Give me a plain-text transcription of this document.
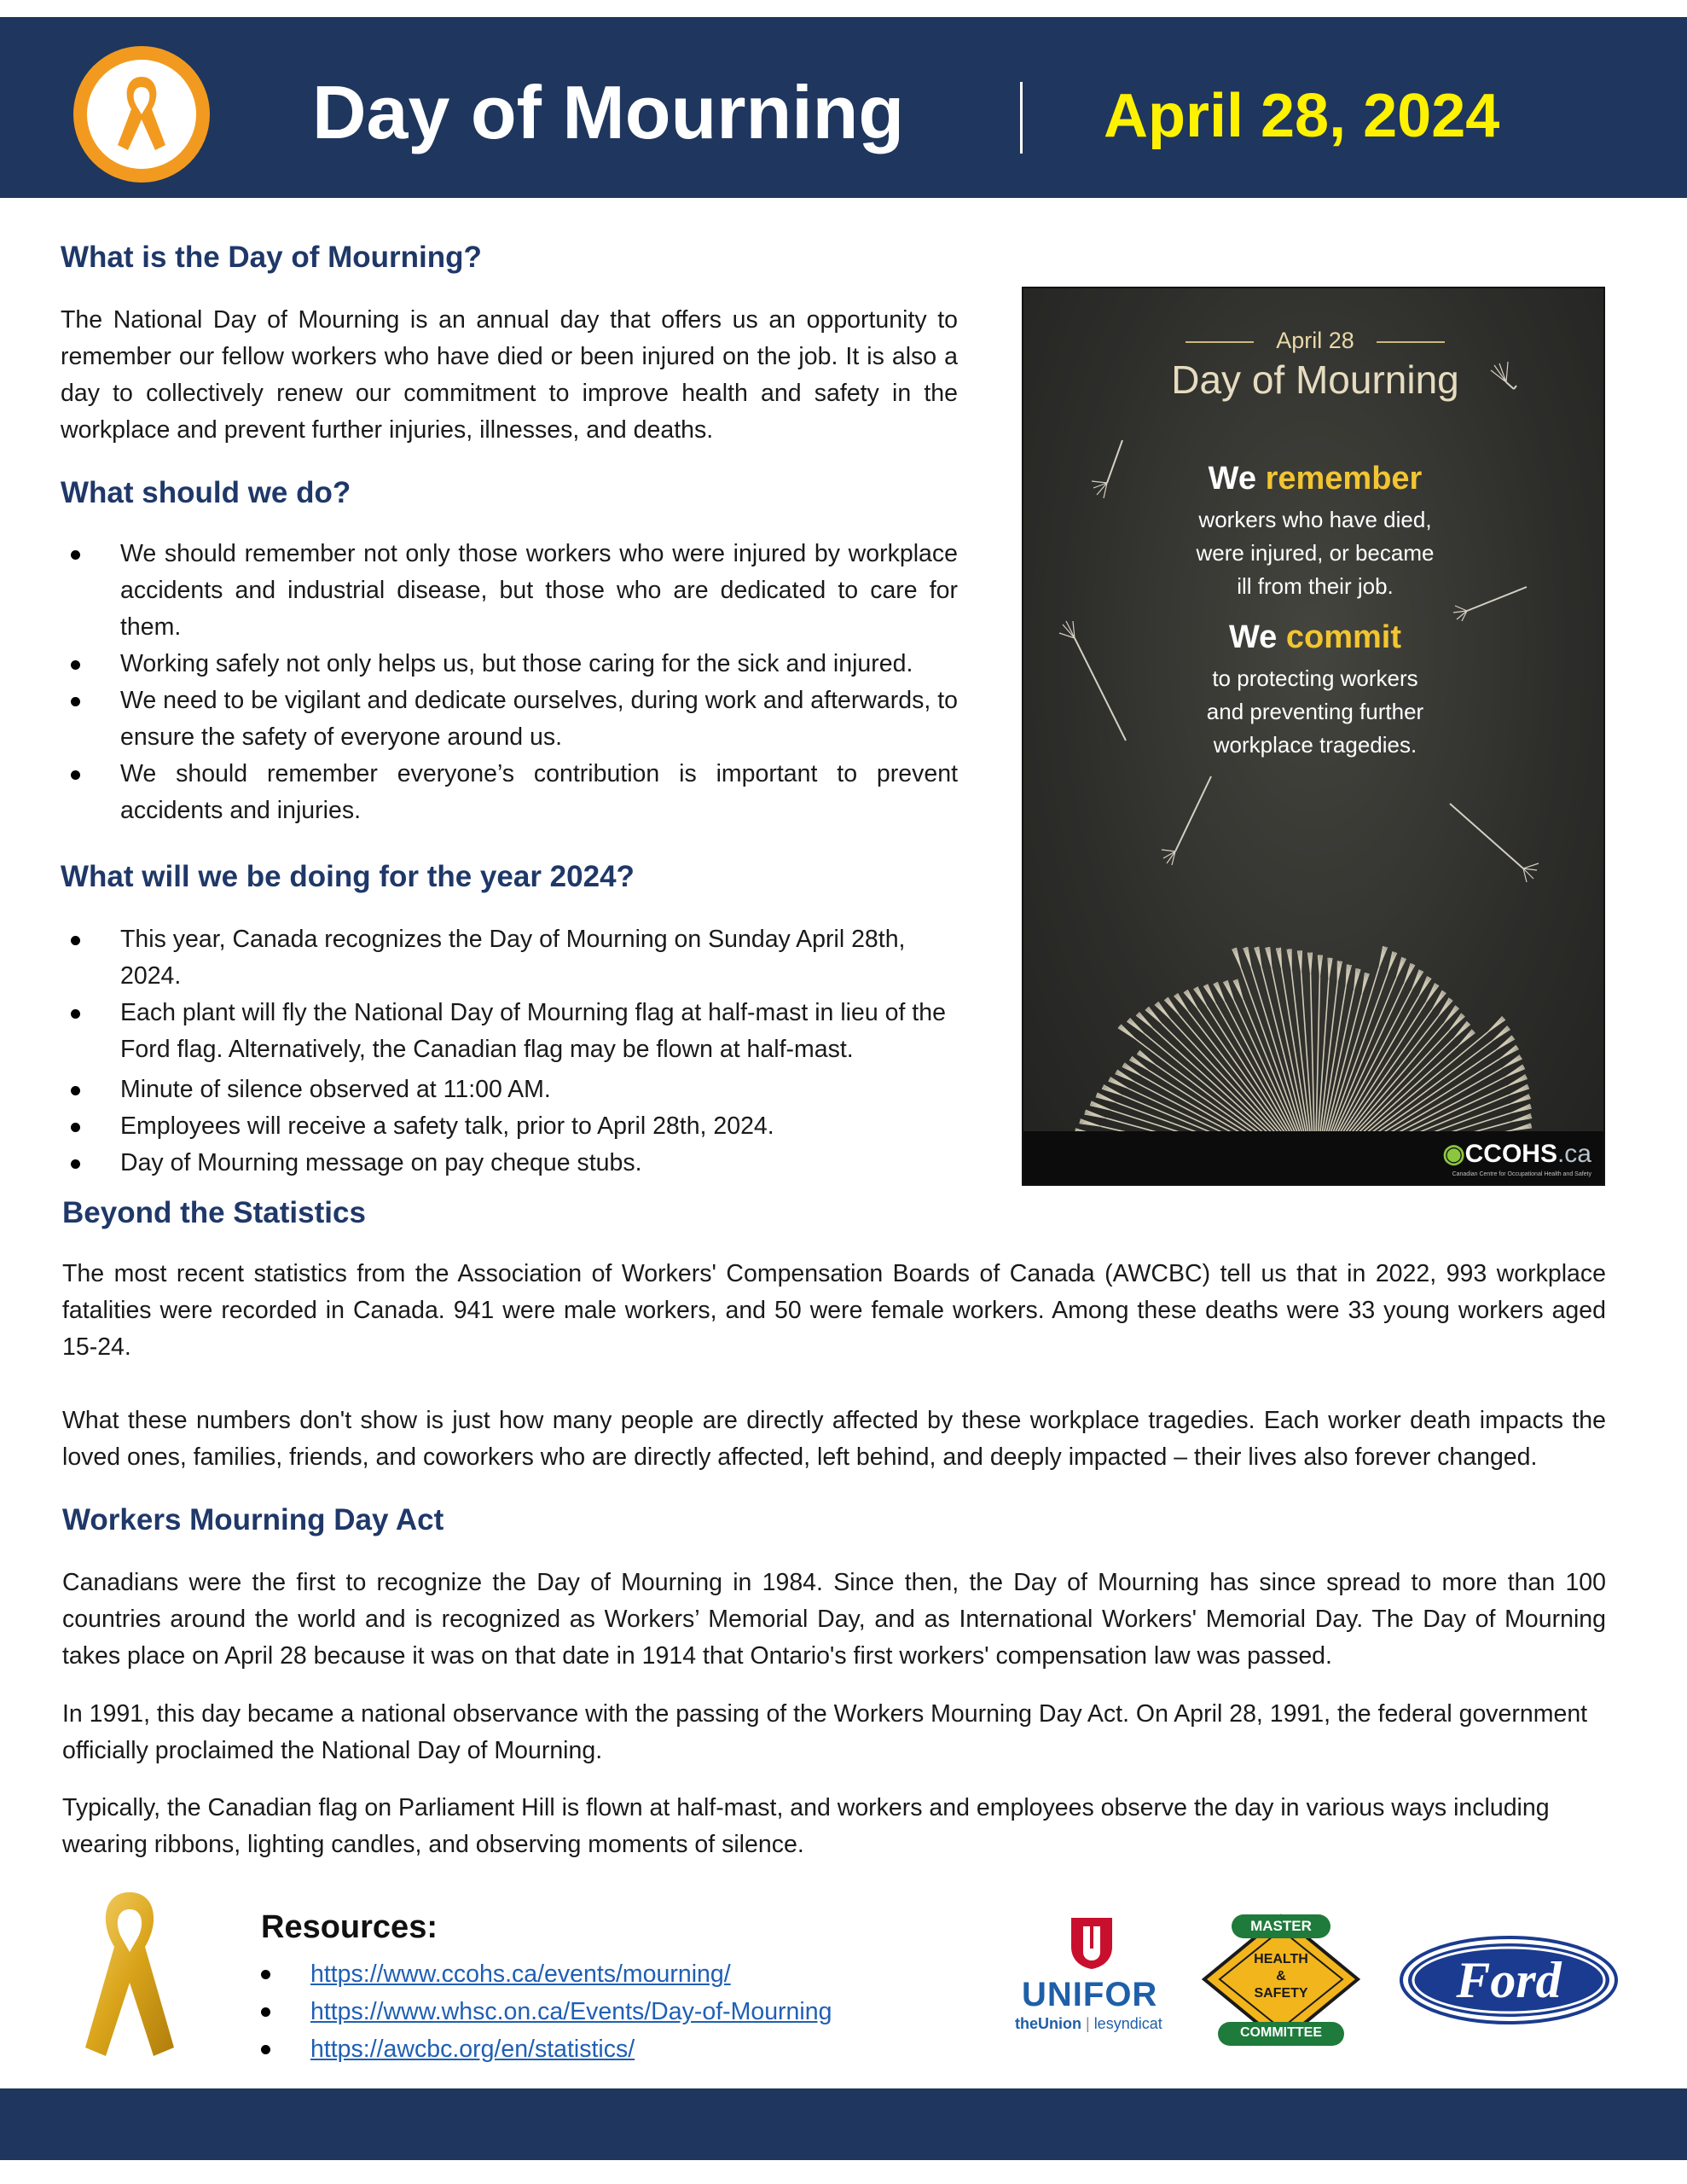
Day of Mourning	April 28, 2024
What is the Day of Mourning?
The National Day of Mourning is an annual day that offers us an opportunity to remember our fellow workers who have died or been injured on the job. It is also a day to collectively renew our commitment to improve health and safety in the workplace and prevent further injuries, illnesses, and deaths.
What should we do?
We should remember not only those workers who were injured by workplace accidents and industrial disease, but those who are dedicated to care for them.
Working safely not only helps us, but those caring for the sick and injured.
We need to be vigilant and dedicate ourselves, during work and afterwards, to ensure the safety of everyone around us.
We should remember everyone’s contribution is important to prevent accidents and injuries.
What will we be doing for the year 2024?
This year, Canada recognizes the Day of Mourning on Sunday April 28th, 2024.
Each plant will fly the National Day of Mourning flag at half-mast in lieu of the Ford flag. Alternatively, the Canadian flag may be flown at half-mast.
Minute of silence observed at 11:00 AM.
Employees will receive a safety talk, prior to April 28th, 2024.
Day of Mourning message on pay cheque stubs.
April 28
Day of Mourning
We remember
workers who have died,
were injured, or became
ill from their job.
We commit
to protecting workers
and preventing further
workplace tragedies.
◉CCOHS.ca
Canadian Centre for Occupational Health and Safety
Beyond the Statistics
The most recent statistics from the Association of Workers' Compensation Boards of Canada (AWCBC) tell us that in 2022, 993 workplace fatalities were recorded in Canada. 941 were male workers, and 50 were female workers. Among these deaths were 33 young workers aged 15-24.
What these numbers don't show is just how many people are directly affected by these workplace tragedies. Each worker death impacts the loved ones, families, friends, and coworkers who are directly affected, left behind, and deeply impacted – their lives also forever changed.
Workers Mourning Day Act
Canadians were the first to recognize the Day of Mourning in 1984. Since then, the Day of Mourning has since spread to more than 100 countries around the world and is recognized as Workers’ Memorial Day, and as International Workers' Memorial Day. The Day of Mourning takes place on April 28 because it was on that date in 1914 that Ontario's first workers' compensation law was passed.
In 1991, this day became a national observance with the passing of the Workers Mourning Day Act. On April 28, 1991, the federal government officially proclaimed the National Day of Mourning.
Typically, the Canadian flag on Parliament Hill is flown at half-mast, and workers and employees observe the day in various ways including wearing ribbons, lighting candles, and observing moments of silence.
Resources:
https://www.ccohs.ca/events/mourning/
https://www.whsc.on.ca/Events/Day-of-Mourning
https://awcbc.org/en/statistics/
UNIFOR
theUnion | lesyndicat
MASTER
HEALTH
&
SAFETY
COMMITTEE
Ford
